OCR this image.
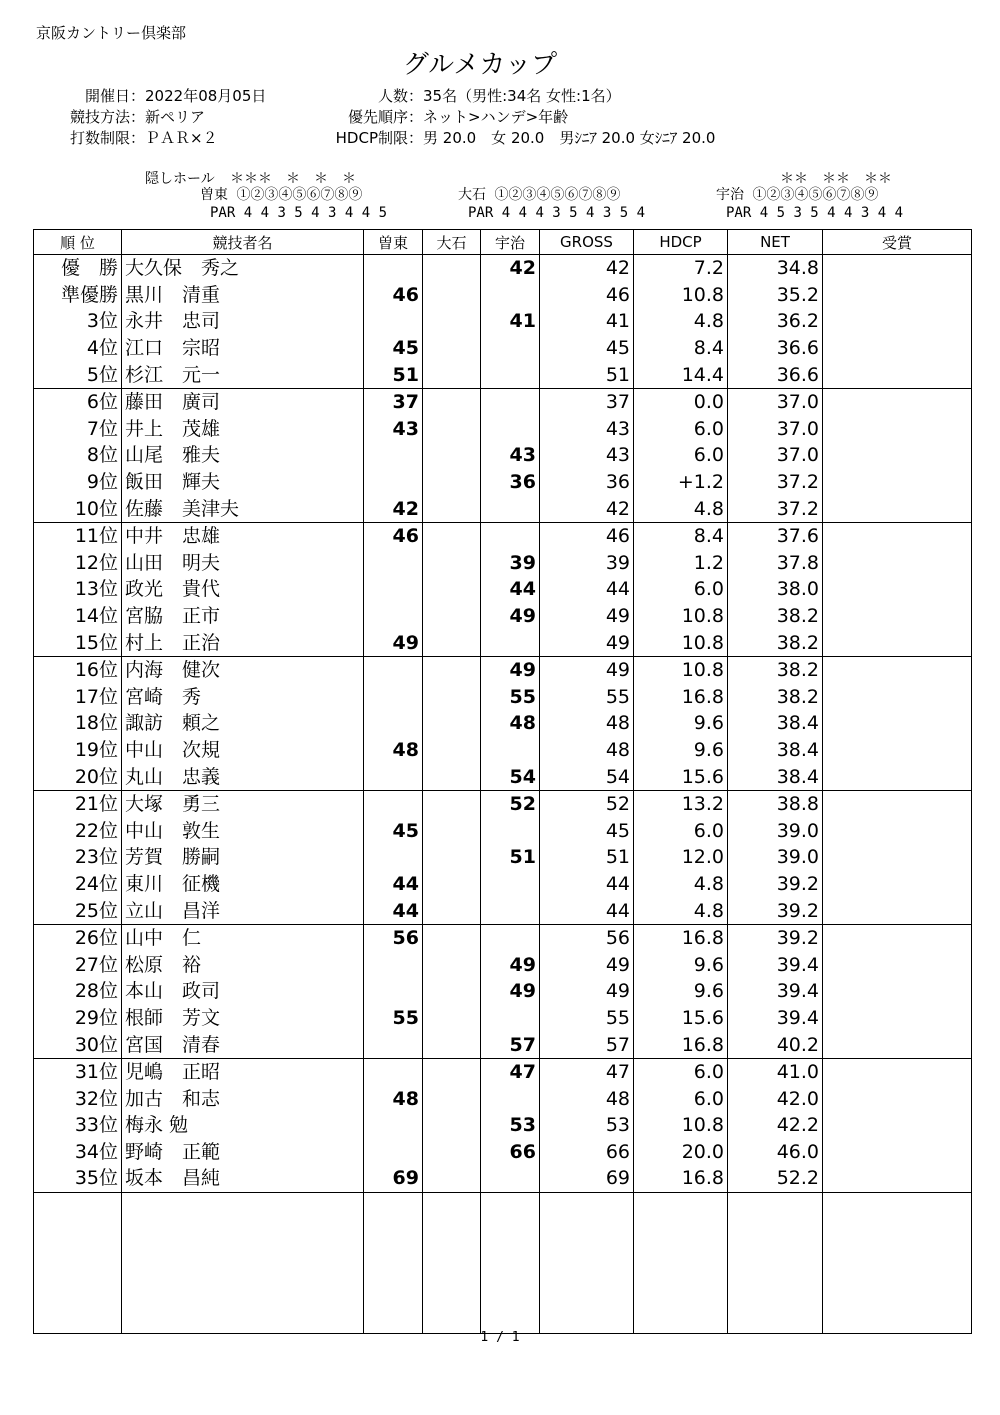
京阪カントリー倶楽部
グルメカップ
開催日：2022年08月05日
競技方法：新ペリア
打数制限：ＰＡＲ×２
人数：35名（男性:34名 女性:1名）
優先順序：ネット>ハンデ>年齢
HDCP制限：男 20.0　女 20.0　男ｼﾆｱ 20.0 女ｼﾆｱ 20.0
隠しホール ＊＊＊　＊　＊　＊
曽東 ①②③④⑤⑥⑦⑧⑨
PAR 4 4 3 5 4 3 4 4 5
大石 ①②③④⑤⑥⑦⑧⑨
PAR 4 4 4 3 5 4 3 5 4
＊＊　＊＊　＊＊
宇治 ①②③④⑤⑥⑦⑧⑨
PAR 4 5 3 5 4 4 3 4 4
順 位	競技者名	曽東	大石	宇治	GROSS	HDCP	NET	受賞
優　勝	大久保　秀之			42	42	7.2	34.8	
準優勝	黒川　清重	46			46	10.8	35.2	
3位	永井　忠司			41	41	4.8	36.2	
4位	江口　宗昭	45			45	8.4	36.6	
5位	杉江　元一	51			51	14.4	36.6	
6位	藤田　廣司	37			37	0.0	37.0	
7位	井上　茂雄	43			43	6.0	37.0	
8位	山尾　雅夫			43	43	6.0	37.0	
9位	飯田　輝夫			36	36	+1.2	37.2	
10位	佐藤　美津夫	42			42	4.8	37.2	
11位	中井　忠雄	46			46	8.4	37.6	
12位	山田　明夫			39	39	1.2	37.8	
13位	政光　貴代			44	44	6.0	38.0	
14位	宮脇　正市			49	49	10.8	38.2	
15位	村上　正治	49			49	10.8	38.2	
16位	内海　健次			49	49	10.8	38.2	
17位	宮崎　秀			55	55	16.8	38.2	
18位	諏訪　頼之			48	48	9.6	38.4	
19位	中山　次規	48			48	9.6	38.4	
20位	丸山　忠義			54	54	15.6	38.4	
21位	大塚　勇三			52	52	13.2	38.8	
22位	中山　敦生	45			45	6.0	39.0	
23位	芳賀　勝嗣			51	51	12.0	39.0	
24位	東川　征機	44			44	4.8	39.2	
25位	立山　昌洋	44			44	4.8	39.2	
26位	山中　仁	56			56	16.8	39.2	
27位	松原　裕			49	49	9.6	39.4	
28位	本山　政司			49	49	9.6	39.4	
29位	根師　芳文	55			55	15.6	39.4	
30位	宮国　清春			57	57	16.8	40.2	
31位	児嶋　正昭			47	47	6.0	41.0	
32位	加古　和志	48			48	6.0	42.0	
33位	梅永 勉			53	53	10.8	42.2	
34位	野崎　正範			66	66	20.0	46.0	
35位	坂本　昌純	69			69	16.8	52.2	

1 / 1
